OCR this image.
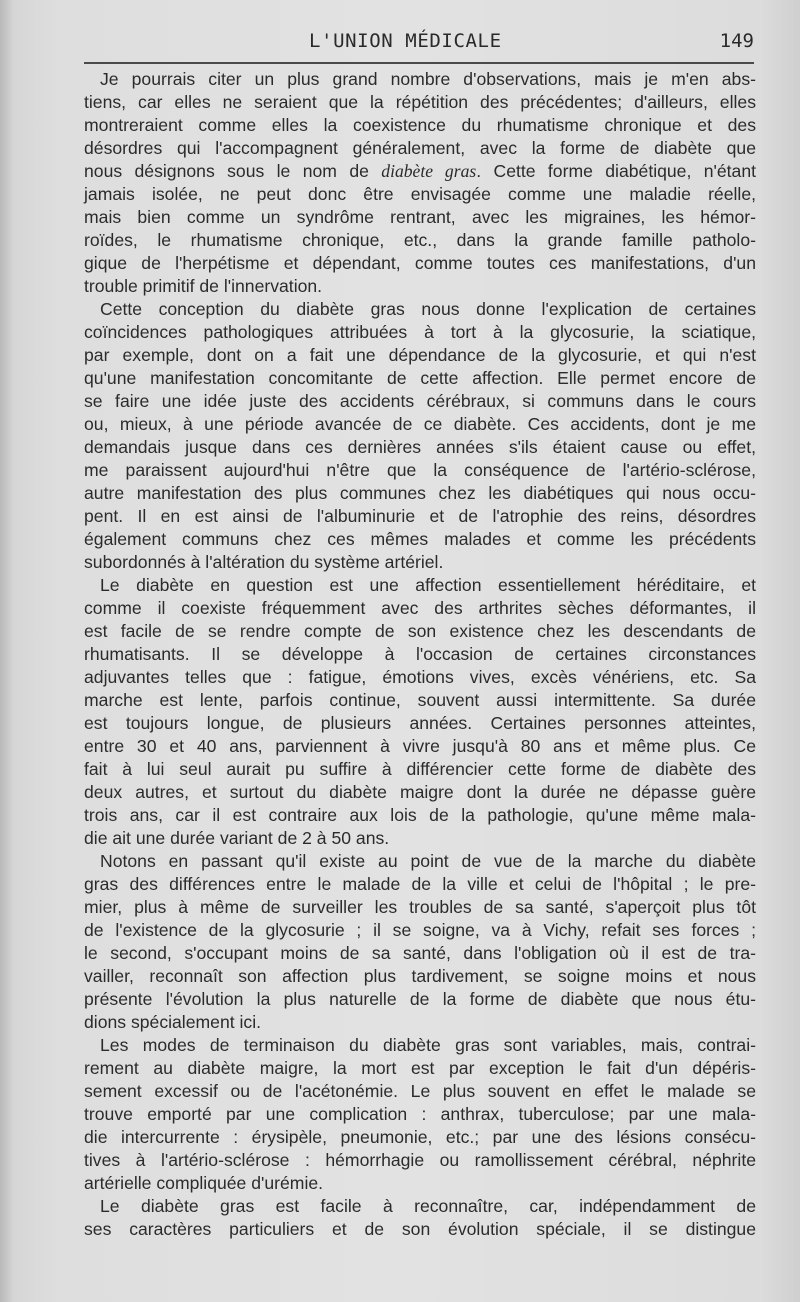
L'UNION MÉDICALE	149
Je pourrais citer un plus grand nombre d'observations, mais je m'en abs-
tiens, car elles ne seraient que la répétition des précédentes; d'ailleurs, elles
montreraient comme elles la coexistence du rhumatisme chronique et des
désordres qui l'accompagnent généralement, avec la forme de diabète que
nous désignons sous le nom de diabète gras. Cette forme diabétique, n'étant
jamais isolée, ne peut donc être envisagée comme une maladie réelle,
mais bien comme un syndrôme rentrant, avec les migraines, les hémor-
roïdes, le rhumatisme chronique, etc., dans la grande famille patholo-
gique de l'herpétisme et dépendant, comme toutes ces manifestations, d'un
trouble primitif de l'innervation.
Cette conception du diabète gras nous donne l'explication de certaines
coïncidences pathologiques attribuées à tort à la glycosurie, la sciatique,
par exemple, dont on a fait une dépendance de la glycosurie, et qui n'est
qu'une manifestation concomitante de cette affection. Elle permet encore de
se faire une idée juste des accidents cérébraux, si communs dans le cours
ou, mieux, à une période avancée de ce diabète. Ces accidents, dont je me
demandais jusque dans ces dernières années s'ils étaient cause ou effet,
me paraissent aujourd'hui n'être que la conséquence de l'artério-sclérose,
autre manifestation des plus communes chez les diabétiques qui nous occu-
pent. Il en est ainsi de l'albuminurie et de l'atrophie des reins, désordres
également communs chez ces mêmes malades et comme les précédents
subordonnés à l'altération du système artériel.
Le diabète en question est une affection essentiellement héréditaire, et
comme il coexiste fréquemment avec des arthrites sèches déformantes, il
est facile de se rendre compte de son existence chez les descendants de
rhumatisants. Il se développe à l'occasion de certaines circonstances
adjuvantes telles que : fatigue, émotions vives, excès vénériens, etc. Sa
marche est lente, parfois continue, souvent aussi intermittente. Sa durée
est toujours longue, de plusieurs années. Certaines personnes atteintes,
entre 30 et 40 ans, parviennent à vivre jusqu'à 80 ans et même plus. Ce
fait à lui seul aurait pu suffire à différencier cette forme de diabète des
deux autres, et surtout du diabète maigre dont la durée ne dépasse guère
trois ans, car il est contraire aux lois de la pathologie, qu'une même mala-
die ait une durée variant de 2 à 50 ans.
Notons en passant qu'il existe au point de vue de la marche du diabète
gras des différences entre le malade de la ville et celui de l'hôpital ; le pre-
mier, plus à même de surveiller les troubles de sa santé, s'aperçoit plus tôt
de l'existence de la glycosurie ; il se soigne, va à Vichy, refait ses forces ;
le second, s'occupant moins de sa santé, dans l'obligation où il est de tra-
vailler, reconnaît son affection plus tardivement, se soigne moins et nous
présente l'évolution la plus naturelle de la forme de diabète que nous étu-
dions spécialement ici.
Les modes de terminaison du diabète gras sont variables, mais, contrai-
rement au diabète maigre, la mort est par exception le fait d'un dépéris-
sement excessif ou de l'acétonémie. Le plus souvent en effet le malade se
trouve emporté par une complication : anthrax, tuberculose; par une mala-
die intercurrente : érysipèle, pneumonie, etc.; par une des lésions consécu-
tives à l'artério-sclérose : hémorrhagie ou ramollissement cérébral, néphrite
artérielle compliquée d'urémie.
Le diabète gras est facile à reconnaître, car, indépendamment de
ses caractères particuliers et de son évolution spéciale, il se distingue
